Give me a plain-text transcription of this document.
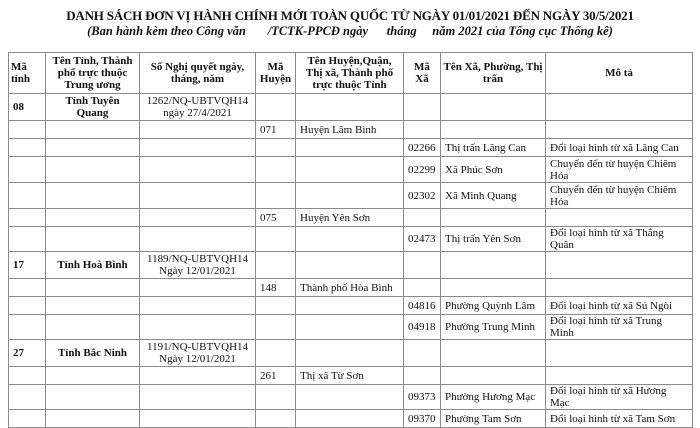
DANH SÁCH ĐƠN VỊ HÀNH CHÍNH MỚI TOÀN QUỐC TỪ NGÀY 01/01/2021 ĐẾN NGÀY 30/5/2021
(Ban hành kèm theo Công văn       /TCTK-PPCĐ ngày      tháng     năm 2021 của Tổng cục Thống kê)
Mã tỉnh	Tên Tỉnh, Thành phố trực thuộc Trung ương	Số Nghị quyết ngày, tháng, năm	Mã Huyện	Tên Huyện,Quận, Thị xã, Thành phố trực thuộc Tỉnh	Mã Xã	Tên Xã, Phường, Thị trấn	Mô tả

08	Tỉnh Tuyên Quang	1262/NQ-UBTVQH14
ngày 27/4/2021					

			071	Huyện Lâm Bình			

					02266	Thị trấn Lăng Can	Đổi loại hình từ xã Lăng Can

					02299	Xã Phúc Sơn	Chuyển đến từ huyện Chiêm Hóa

					02302	Xã Minh Quang	Chuyển đến từ huyện Chiêm Hóa

			075	Huyện Yên Sơn			

					02473	Thị trấn Yên Sơn	Đổi loại hình từ xã Thắng Quân

17	Tỉnh Hoà Bình	1189/NQ-UBTVQH14
Ngày 12/01/2021					

			148	Thành phố Hòa Bình			

					04816	Phường Quỳnh Lâm	Đổi loại hình từ xã Sủ Ngòi

					04918	Phường Trung Minh	Đổi loại hình từ xã Trung Minh

27	Tỉnh Bắc Ninh	1191/NQ-UBTVQH14
Ngày 12/01/2021					

			261	Thị xã Từ Sơn			

					09373	Phường Hương Mạc	Đổi loại hình từ xã Hương Mạc

					09370	Phường Tam Sơn	Đổi loại hình từ xã Tam Sơn
